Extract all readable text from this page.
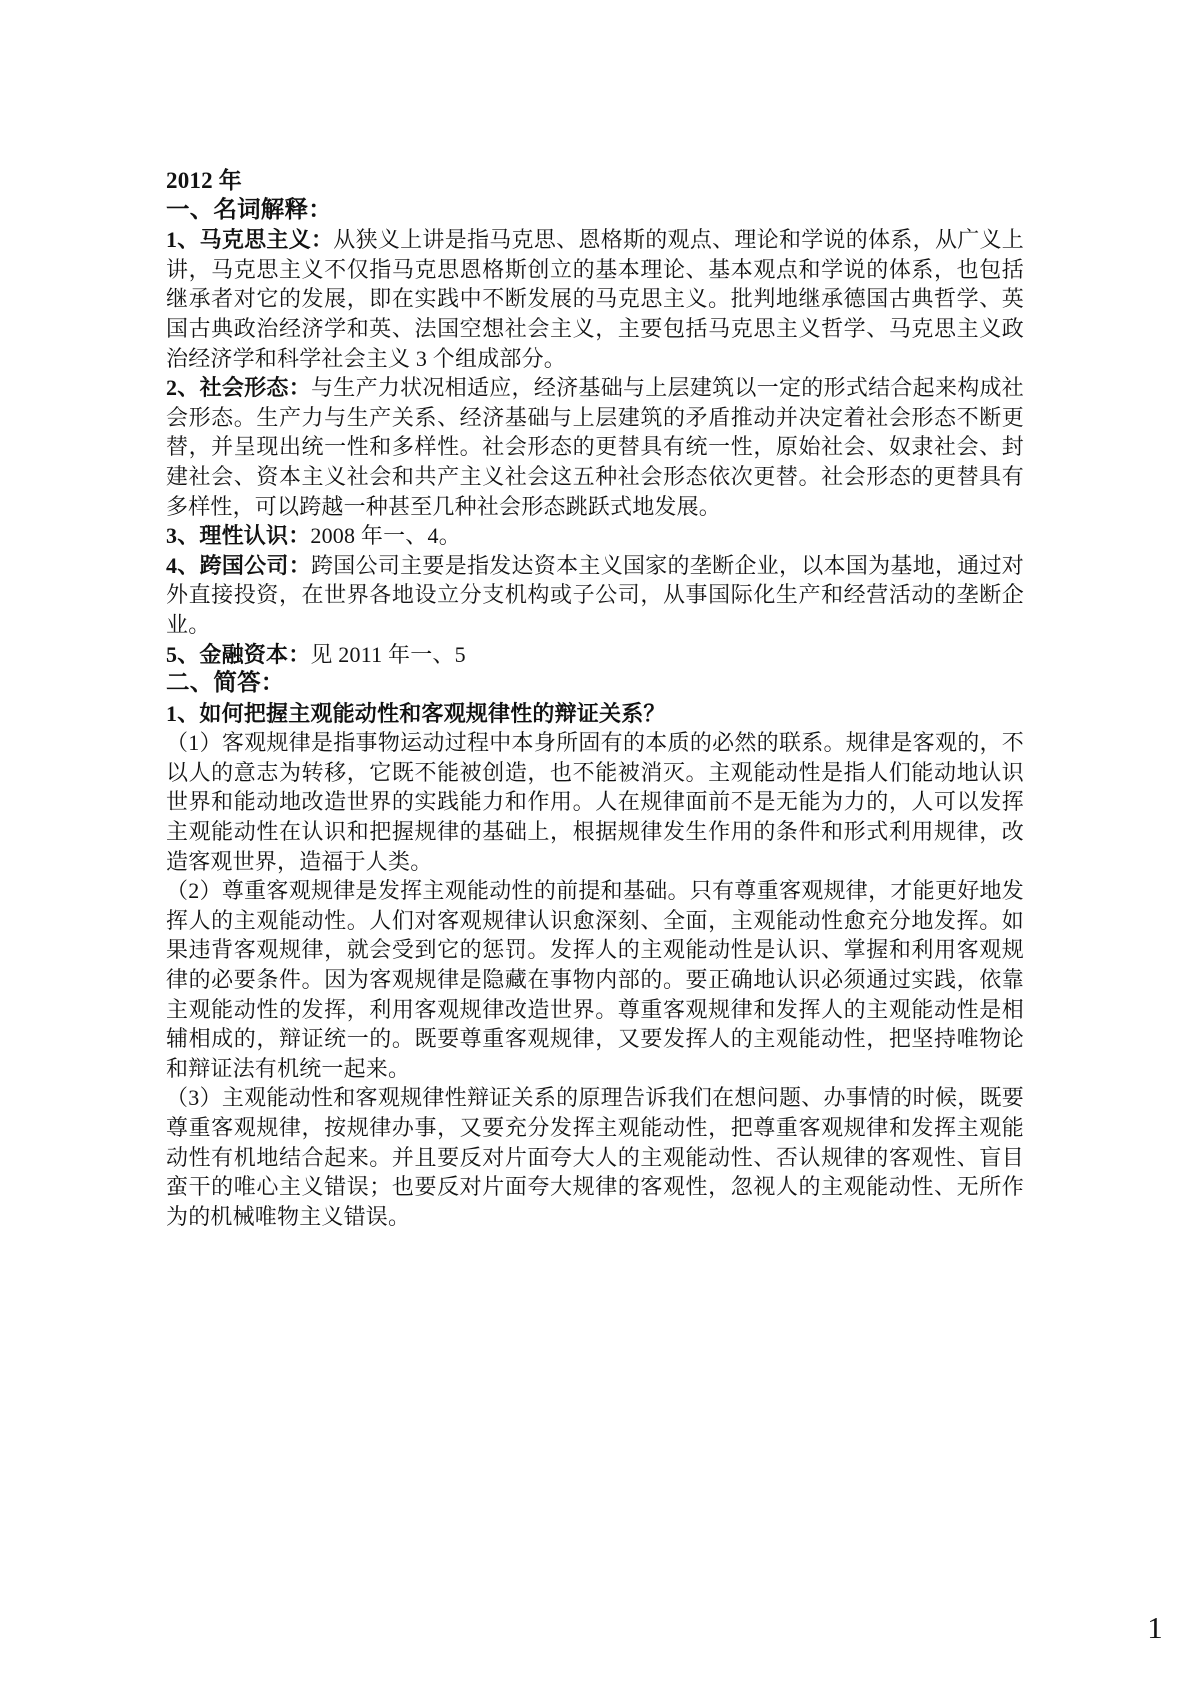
2012 年

一、名词解释：

1、马克思主义：从狭义上讲是指马克思、恩格斯的观点、理论和学说的体系，从广义上讲，马克思主义不仅指马克思恩格斯创立的基本理论、基本观点和学说的体系，也包括继承者对它的发展，即在实践中不断发展的马克思主义。批判地继承德国古典哲学、英国古典政治经济学和英、法国空想社会主义，主要包括马克思主义哲学、马克思主义政治经济学和科学社会主义 3 个组成部分。

2、社会形态：与生产力状况相适应，经济基础与上层建筑以一定的形式结合起来构成社会形态。生产力与生产关系、经济基础与上层建筑的矛盾推动并决定着社会形态不断更替，并呈现出统一性和多样性。社会形态的更替具有统一性，原始社会、奴隶社会、封建社会、资本主义社会和共产主义社会这五种社会形态依次更替。社会形态的更替具有多样性，可以跨越一种甚至几种社会形态跳跃式地发展。

3、理性认识：2008 年一、4。

4、跨国公司：跨国公司主要是指发达资本主义国家的垄断企业，以本国为基地，通过对外直接投资，在世界各地设立分支机构或子公司，从事国际化生产和经营活动的垄断企业。

5、金融资本：见 2011 年一、5

二、简答：

1、如何把握主观能动性和客观规律性的辩证关系？

（1）客观规律是指事物运动过程中本身所固有的本质的必然的联系。规律是客观的，不以人的意志为转移，它既不能被创造，也不能被消灭。主观能动性是指人们能动地认识世界和能动地改造世界的实践能力和作用。人在规律面前不是无能为力的，人可以发挥主观能动性在认识和把握规律的基础上，根据规律发生作用的条件和形式利用规律，改造客观世界，造福于人类。

（2）尊重客观规律是发挥主观能动性的前提和基础。只有尊重客观规律，才能更好地发挥人的主观能动性。人们对客观规律认识愈深刻、全面，主观能动性愈充分地发挥。如果违背客观规律，就会受到它的惩罚。发挥人的主观能动性是认识、掌握和利用客观规律的必要条件。因为客观规律是隐藏在事物内部的。要正确地认识必须通过实践，依靠主观能动性的发挥，利用客观规律改造世界。尊重客观规律和发挥人的主观能动性是相辅相成的，辩证统一的。既要尊重客观规律，又要发挥人的主观能动性，把坚持唯物论和辩证法有机统一起来。

（3）主观能动性和客观规律性辩证关系的原理告诉我们在想问题、办事情的时候，既要尊重客观规律，按规律办事，又要充分发挥主观能动性，把尊重客观规律和发挥主观能动性有机地结合起来。并且要反对片面夸大人的主观能动性、否认规律的客观性、盲目蛮干的唯心主义错误；也要反对片面夸大规律的客观性，忽视人的主观能动性、无所作为的机械唯物主义错误。

1
